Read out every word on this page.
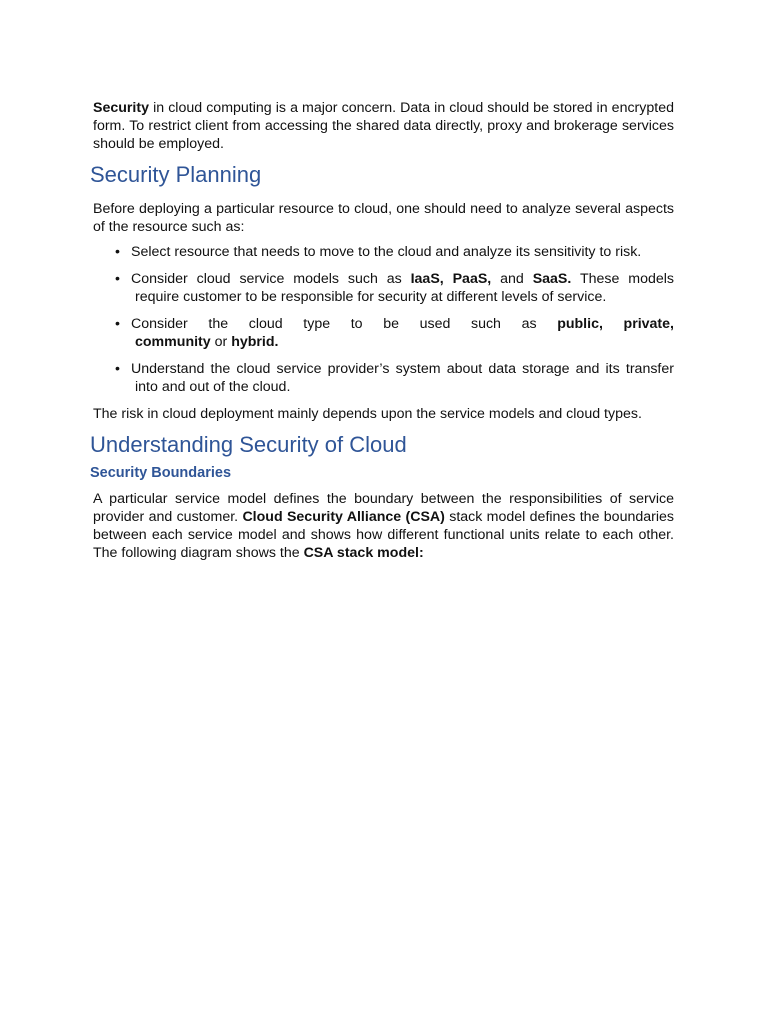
Security in cloud computing is a major concern. Data in cloud should be stored in encrypted form. To restrict client from accessing the shared data directly, proxy and brokerage services should be employed.

Security Planning

Before deploying a particular resource to cloud, one should need to analyze several aspects of the resource such as:

• Select resource that needs to move to the cloud and analyze its sensitivity to risk.
• Consider cloud service models such as IaaS, PaaS, and SaaS. These models
require customer to be responsible for security at different levels of service.
• Consider the cloud type to be used such as public, private,
community or hybrid.
• Understand the cloud service provider’s system about data storage and its transfer
into and out of the cloud.

The risk in cloud deployment mainly depends upon the service models and cloud types.

Understanding Security of Cloud
Security Boundaries

A particular service model defines the boundary between the responsibilities of service provider and customer. Cloud Security Alliance (CSA) stack model defines the boundaries between each service model and shows how different functional units relate to each other. The following diagram shows the CSA stack model:
